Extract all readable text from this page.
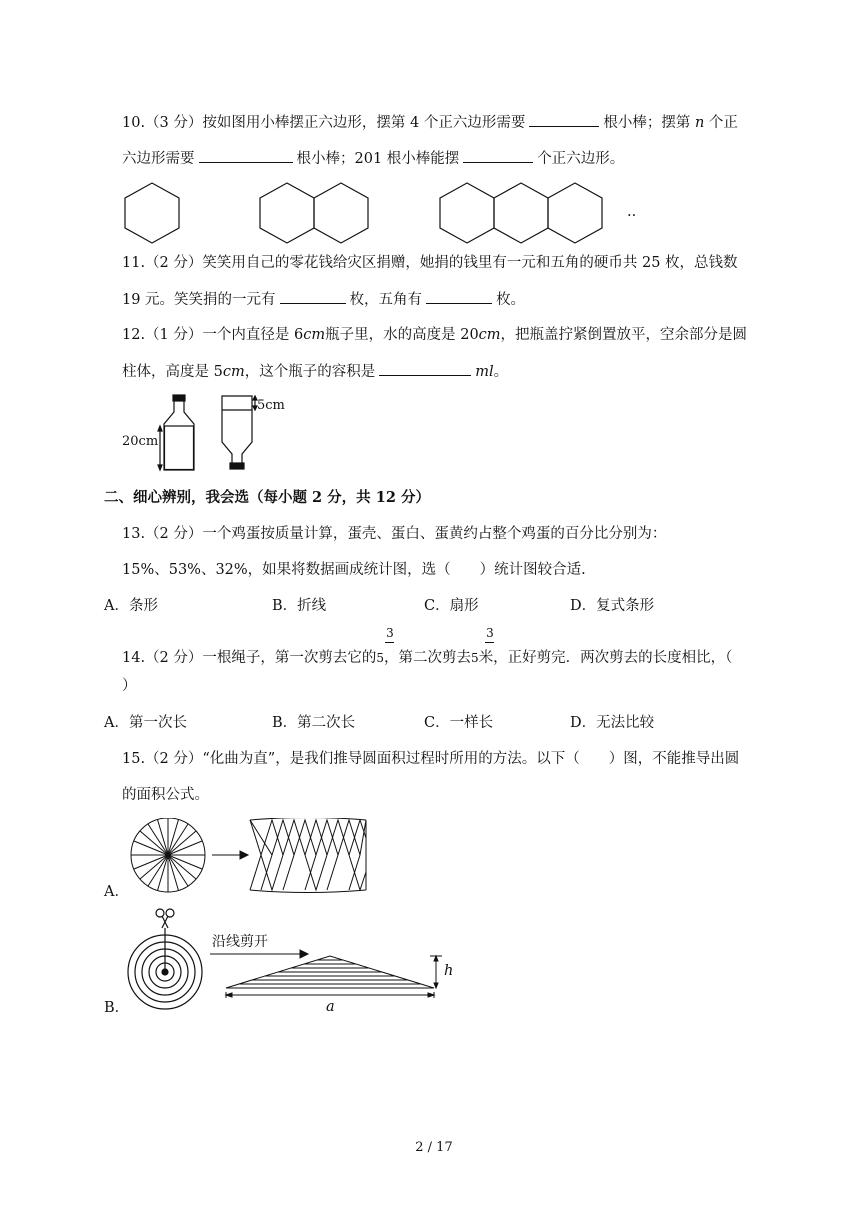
10.（3 分）按如图用小棒摆正六边形，摆第 4 个正六边形需要	根小棒；摆第 n 个正
六边形需要	根小棒；201 根小棒能摆	个正六边形。
..
11.（2 分）笑笑用自己的零花钱给灾区捐赠，她捐的钱里有一元和五角的硬币共 25 枚，总钱数
19 元。笑笑捐的一元有	枚，五角有	枚。
12.（1 分）一个内直径是 6cm瓶子里，水的高度是 20cm，把瓶盖拧紧倒置放平，空余部分是圆
柱体，高度是 5cm，这个瓶子的容积是	ml。
5cm
20cm
二、细心辨别，我会选（每小题 2 分，共 12 分）
13.（2 分）一个鸡蛋按质量计算，蛋壳、蛋白、蛋黄约占整个鸡蛋的百分比分别为：
15%、53%、32%，如果将数据画成统计图，选（　　）统计图较合适.
A．条形	B．折线	C．扇形	D．复式条形
3	3
14.（2 分）一根绳子，第一次剪去它的5，第二次剪去5米，正好剪完．两次剪去的长度相比，（
）
A．第一次长	B．第二次长	C．一样长	D．无法比较
15.（2 分）“化曲为直”，是我们推导圆面积过程时所用的方法。以下（　　）图，不能推导出圆
的面积公式。
A．
沿线剪开
h
a
B．
2 / 17
